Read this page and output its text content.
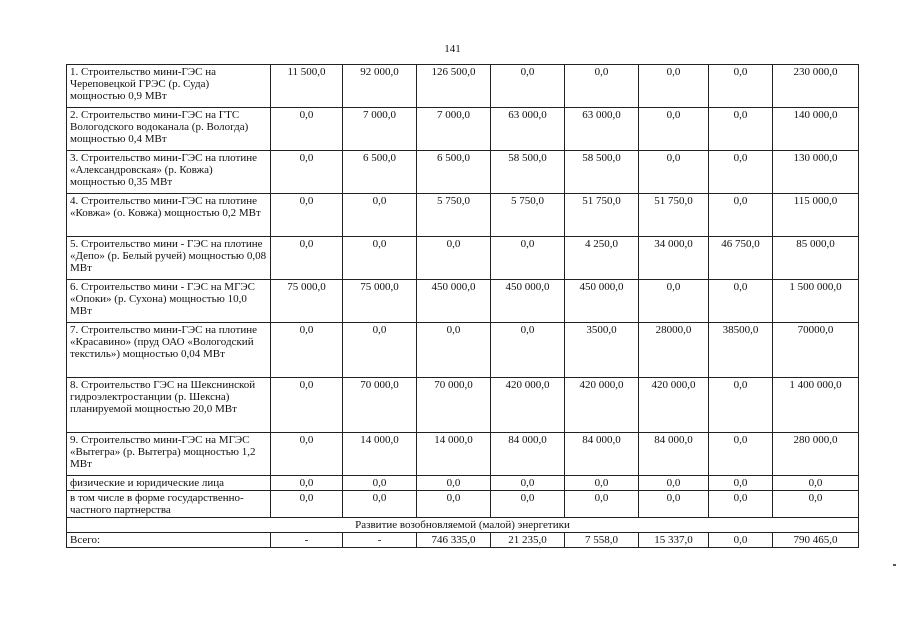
141
1. Строительство мини-ГЭС на Череповецкой ГРЭС (р. Суда) мощностью 0,9 МВт	11 500,0	92 000,0	126 500,0	0,0	0,0	0,0	0,0	230 000,0
2. Строительство мини-ГЭС на ГТС Вологодского водоканала (р. Вологда) мощностью 0,4 МВт	0,0	7 000,0	7 000,0	63 000,0	63 000,0	0,0	0,0	140 000,0
3. Строительство мини-ГЭС на плотине «Александровская» (р. Ковжа) мощностью 0,35 МВт	0,0	6 500,0	6 500,0	58 500,0	58 500,0	0,0	0,0	130 000,0
4. Строительство мини-ГЭС на плотине «Ковжа» (о. Ковжа) мощностью 0,2 МВт	0,0	0,0	5 750,0	5 750,0	51 750,0	51 750,0	0,0	115 000,0
5. Строительство мини - ГЭС на плотине «Депо» (р. Белый ручей) мощностью 0,08 МВт	0,0	0,0	0,0	0,0	4 250,0	34 000,0	46 750,0	85 000,0
6. Строительство мини - ГЭС на МГЭС «Опоки» (р. Сухона) мощностью 10,0 МВт	75 000,0	75 000,0	450 000,0	450 000,0	450 000,0	0,0	0,0	1 500 000,0
7. Строительство мини-ГЭС на плотине «Красавино» (пруд ОАО «Вологодский текстиль») мощностью 0,04 МВт	0,0	0,0	0,0	0,0	3500,0	28000,0	38500,0	70000,0
8. Строительство ГЭС на Шекснинской гидроэлектростанции (р. Шексна) планируемой мощностью 20,0 МВт	0,0	70 000,0	70 000,0	420 000,0	420 000,0	420 000,0	0,0	1 400 000,0
9. Строительство мини-ГЭС на МГЭС «Вытегра» (р. Вытегра) мощностью 1,2 МВт	0,0	14 000,0	14 000,0	84 000,0	84 000,0	84 000,0	0,0	280 000,0
физические и юридические лица	0,0	0,0	0,0	0,0	0,0	0,0	0,0	0,0
в том числе в форме государственно-частного партнерства	0,0	0,0	0,0	0,0	0,0	0,0	0,0	0,0
Развитие возобновляемой (малой) энергетики								
Всего:	-	-	746 335,0	21 235,0	7 558,0	15 337,0	0,0	790 465,0
